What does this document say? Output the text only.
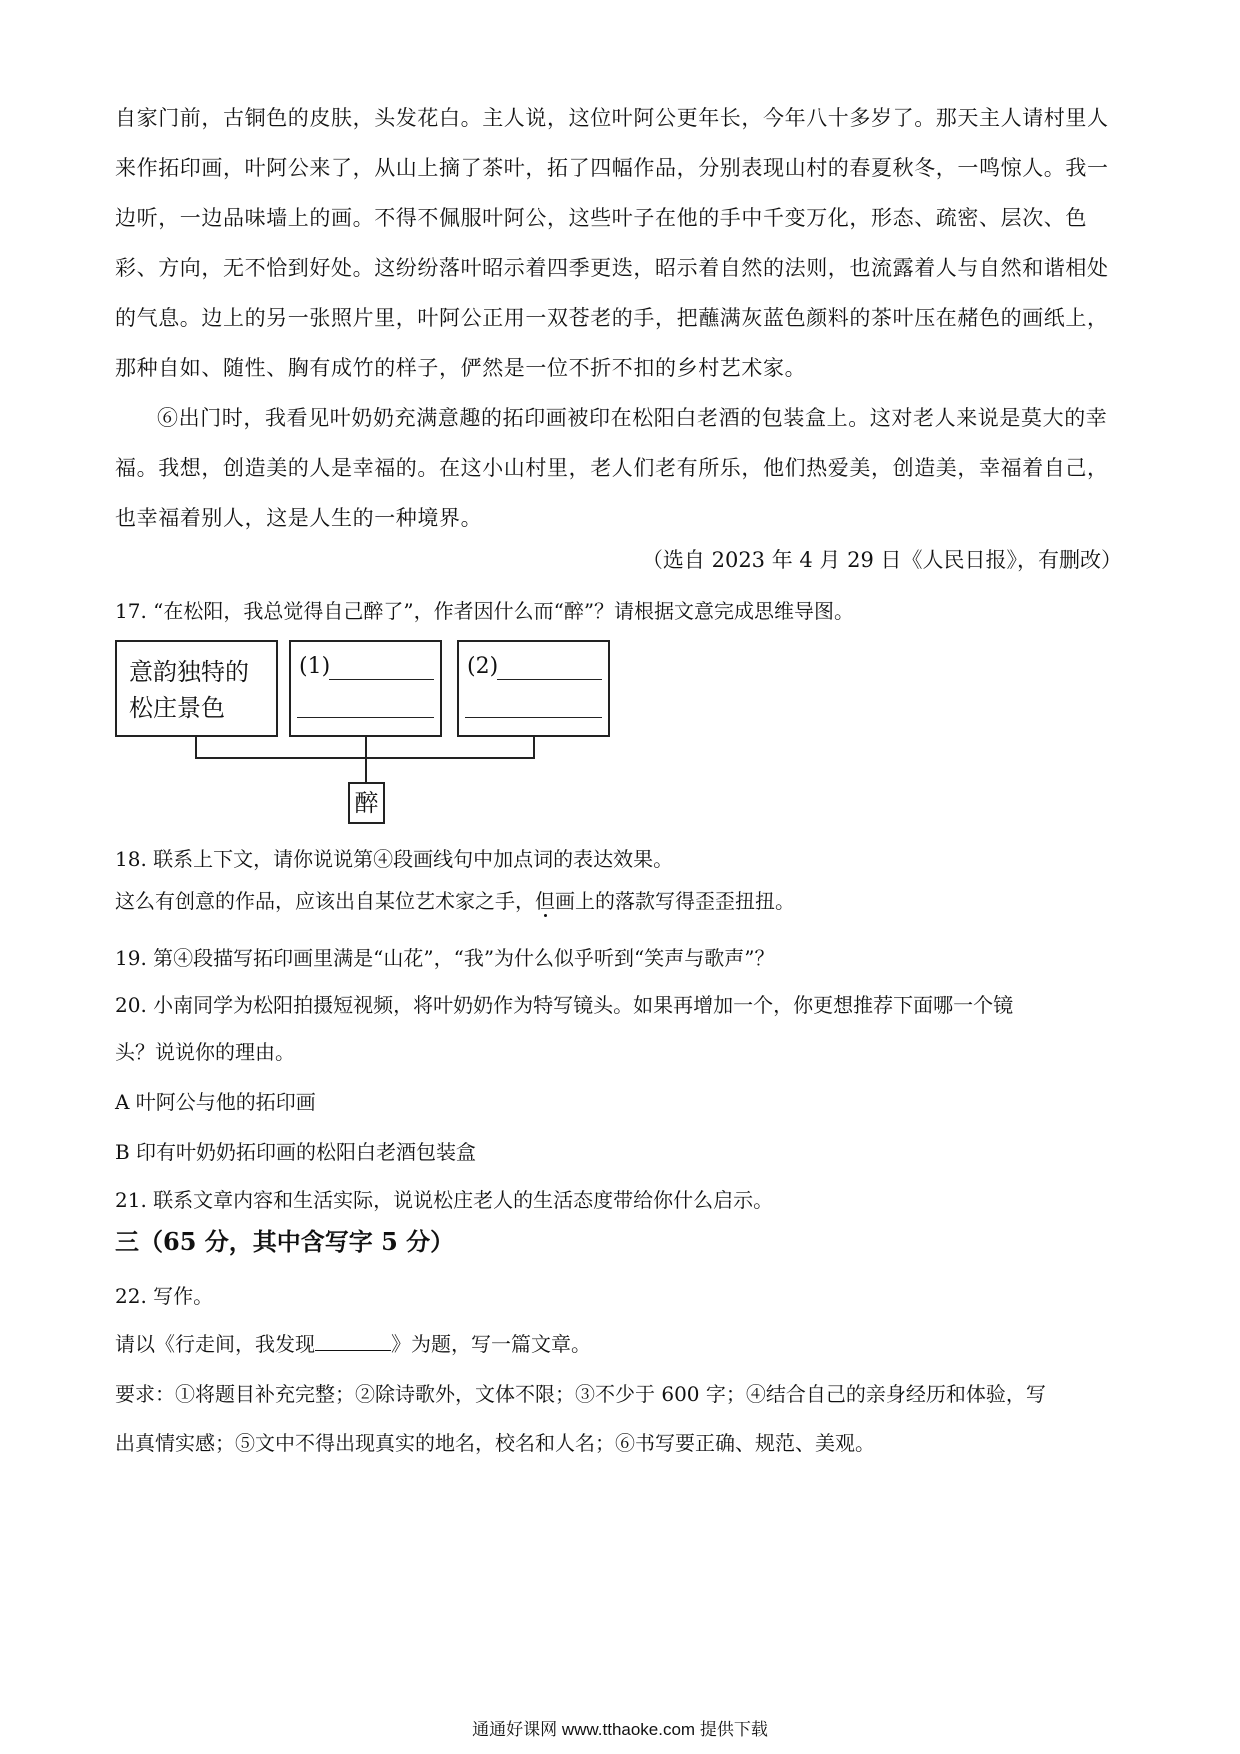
自家门前，古铜色的皮肤，头发花白。主人说，这位叶阿公更年长，今年八十多岁了。那天主人请村里人
来作拓印画，叶阿公来了，从山上摘了茶叶，拓了四幅作品，分别表现山村的春夏秋冬，一鸣惊人。我一
边听，一边品味墙上的画。不得不佩服叶阿公，这些叶子在他的手中千变万化，形态、疏密、层次、色
彩、方向，无不恰到好处。这纷纷落叶昭示着四季更迭，昭示着自然的法则，也流露着人与自然和谐相处
的气息。边上的另一张照片里，叶阿公正用一双苍老的手，把蘸满灰蓝色颜料的茶叶压在赭色的画纸上，
那种自如、随性、胸有成竹的样子，俨然是一位不折不扣的乡村艺术家。
⑥出门时，我看见叶奶奶充满意趣的拓印画被印在松阳白老酒的包装盒上。这对老人来说是莫大的幸
福。我想，创造美的人是幸福的。在这小山村里，老人们老有所乐，他们热爱美，创造美，幸福着自己，
也幸福着别人，这是人生的一种境界。
（选自 2023 年 4 月 29 日《人民日报》，有删改）
17. “在松阳，我总觉得自己醉了”，作者因什么而“醉”？请根据文意完成思维导图。
意韵独特的
松庄景色
(1)	(2)
醉
18. 联系上下文，请你说说第④段画线句中加点词的表达效果。
这么有创意的作品，应该出自某位艺术家之手，但画上的落款写得歪歪扭扭。
19. 第④段描写拓印画里满是“山花”，“我”为什么似乎听到“笑声与歌声”？
20. 小南同学为松阳拍摄短视频，将叶奶奶作为特写镜头。如果再增加一个，你更想推荐下面哪一个镜
头？说说你的理由。
A 叶阿公与他的拓印画
B 印有叶奶奶拓印画的松阳白老酒包装盒
21. 联系文章内容和生活实际，说说松庄老人的生活态度带给你什么启示。
三（65 分，其中含写字 5 分）
22. 写作。
请以《行走间，我发现	》为题，写一篇文章。
要求：①将题目补充完整；②除诗歌外，文体不限；③不少于 600 字；④结合自己的亲身经历和体验，写
出真情实感；⑤文中不得出现真实的地名，校名和人名；⑥书写要正确、规范、美观。
通通好课网 www.tthaoke.com 提供下载
